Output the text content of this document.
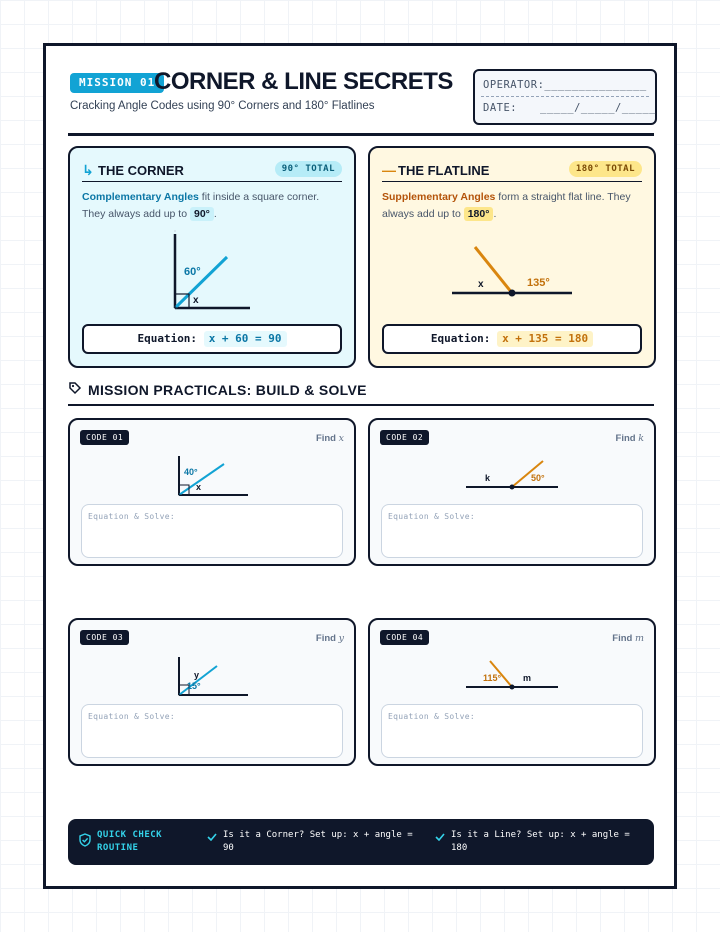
MISSION 01
CORNER & LINE SECRETS
Cracking Angle Codes using 90° Corners and 180° Flatlines
OPERATOR:_______________
DATE: _____/_____/_____
↳ THE CORNER	90° TOTAL
Complementary Angles fit inside a square corner. They always add up to 90° .
60°
x
Equation: x + 60 = 90
— THE FLATLINE	180° TOTAL
Supplementary Angles form a straight flat line. They always add up to 180° .
135°
x
Equation: x + 135 = 180
MISSION PRACTICALS: BUILD & SOLVE
CODE 01	Find x
40°
x
Equation & Solve:
CODE 02	Find k
50°
k
Equation & Solve:
CODE 03	Find y
15°
y
Equation & Solve:
CODE 04	Find m
115° m
Equation & Solve:
QUICK CHECK
ROUTINE
Is it a Corner? Set up: x + angle =
90
Is it a Line? Set up: x + angle =
180
